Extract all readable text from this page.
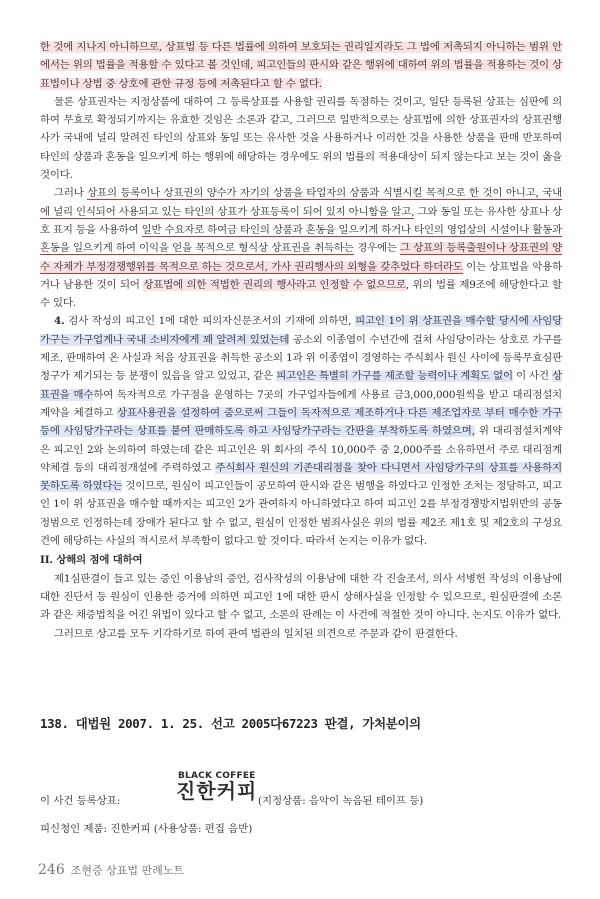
한 것에 지나지 아니하므로, 상표법 등 다른 법률에 의하여 보호되는 권리일지라도 그 법에 저촉되지 아니하는 범위 안에서는 위의 법률을 적용할 수 있다고 볼 것인데, 피고인들의 판시와 같은 행위에 대하여 위의 법률을 적용하는 것이 상표법이나 상법 중 상호에 관한 규정 등에 저촉된다고 할 수 없다.

물론 상표권자는 지정상품에 대하여 그 등록상표를 사용할 권리를 독점하는 것이고, 일단 등록된 상표는 심판에 의하여 무효로 확정되기까지는 유효한 것임은 소론과 같고, 그러므로 일반적으로는 상표법에 의한 상표권자의 상표권행사가 국내에 널리 알려진 타인의 상표와 동일 또는 유사한 것을 사용하거나 이러한 것을 사용한 상품을 판매 반포하여 타인의 상품과 혼동을 일으키게 하는 행위에 해당하는 경우에도 위의 법률의 적용대상이 되지 않는다고 보는 것이 옳을 것이다.

그러나 상표의 등록이나 상표권의 양수가 자기의 상품을 타업자의 상품과 식별시킬 목적으로 한 것이 아니고, 국내에 널리 인식되어 사용되고 있는 타인의 상표가 상표등록이 되어 있지 아니함을 알고, 그와 동일 또는 유사한 상표나 상호 표지 등을 사용하여 일반 수요자로 하여금 타인의 상품과 혼동을 일으키게 하거나 타인의 영업상의 시설이나 활동과 혼동을 일으키게 하여 이익을 얻을 목적으로 형식상 상표권을 취득하는 경우에는 그 상표의 등록출원이나 상표권의 양수 자체가 부정경쟁행위를 목적으로 하는 것으로서, 가사 권리행사의 외형을 갖추었다 하더라도 이는 상표법을 악용하거나 남용한 것이 되어 상표법에 의한 적법한 권리의 행사라고 인정할 수 없으므로, 위의 법률 제9조에 해당한다고 할 수 있다.

4. 검사 작성의 피고인 1에 대한 피의자신문조서의 기재에 의하면, 피고인 1이 위 상표권을 매수할 당시에 사임당가구는 가구업계나 국내 소비자에게 꽤 알려져 있었는데 공소외 이종엽이 수년간에 걸쳐 사임당이라는 상호로 가구를 제조, 판매하여 온 사실과 처음 상표권을 취득한 공소외 1과 위 이종엽이 경영하는 주식회사 원신 사이에 등록무효심판청구가 제기되는 등 분쟁이 있음을 알고 있었고, 같은 피고인은 특별히 가구를 제조할 능력이나 계획도 없이 이 사건 상표권을 매수하여 독자적으로 가구점을 운영하는 7곳의 가구업자들에게 사용료 금3,000,000원씩을 받고 대리점설치계약을 체결하고 상표사용권을 설정하여 줌으로써 그들이 독자적으로 제조하거나 다른 제조업자로 부터 매수한 가구 등에 사임당가구라는 상표를 붙여 판매하도록 하고 사임당가구라는 간판을 부착하도록 하였으며, 위 대리점설치계약은 피고인 2와 논의하여 하였는데 같은 피고인은 위 회사의 주식 10,000주 중 2,000주를 소유하면서 주로 대리점계약체결 등의 대리점개설에 주력하였고 주식회사 원신의 기존대리점을 찾아 다니면서 사임당가구의 상표를 사용하지 못하도록 하였다는 것이므로, 원심이 피고인들이 공모하여 판시와 같은 범행을 하였다고 인정한 조처는 정당하고, 피고인 1이 위 상표권을 매수할 때까지는 피고인 2가 관여하지 아니하였다고 하여 피고인 2를 부정경쟁방지법위반의 공동정범으로 인정하는데 장애가 된다고 할 수 없고, 원심이 인정한 범죄사실은 위의 법률 제2조 제1호 및 제2호의 구성요건에 해당하는 사실의 적시로서 부족함이 없다고 할 것이다. 따라서 논지는 이유가 없다.

II. 상해의 점에 대하여

제1심판결이 들고 있는 증인 이용남의 증언, 검사작성의 이용남에 대한 각 진술조서, 의사 서병헌 작성의 이용남에 대한 진단서 등 원심이 인용한 증거에 의하면 피고인 1에 대한 판시 상해사실을 인정할 수 있으므로, 원심판결에 소론과 같은 채증법칙을 어긴 위법이 있다고 할 수 없고, 소론의 판례는 이 사건에 적절한 것이 아니다. 논지도 이유가 없다.

그러므로 상고를 모두 기각하기로 하여 관여 법관의 일치된 의견으로 주문과 같이 판결한다.

138. 대법원 2007. 1. 25. 선고 2005다67223 판결, 가처분이의
이 사건 등록상표:
BLACK COFFEE
진한커피 (지정상품: 음악이 녹음된 테이프 등)
피신청인 제품: 진한커피 (사용상품: 편집 음반)
246 조현증 상표법 판례노트
